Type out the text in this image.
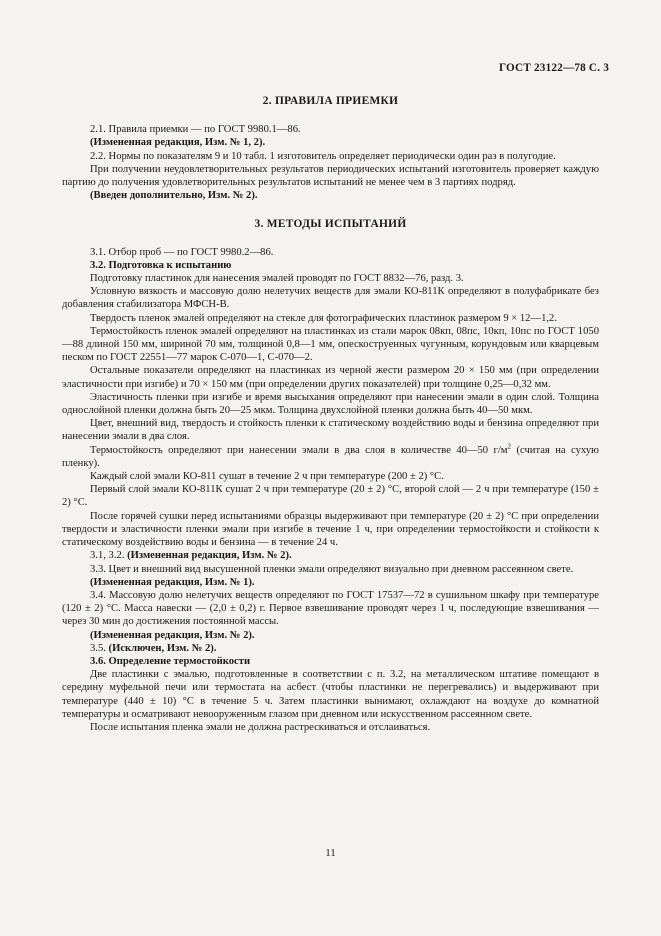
ГОСТ 23122—78 С. 3

2. ПРАВИЛА ПРИЕМКИ

2.1. Правила приемки — по ГОСТ 9980.1—86.

(Измененная редакция, Изм. № 1, 2).

2.2. Нормы по показателям 9 и 10 табл. 1 изготовитель определяет периодически один раз в полугодие.

При получении неудовлетворительных результатов периодических испытаний изготовитель проверяет каждую партию до получения удовлетворительных результатов испытаний не менее чем в 3 партиях подряд.

(Введен дополнительно, Изм. № 2).

3. МЕТОДЫ ИСПЫТАНИЙ

3.1. Отбор проб — по ГОСТ 9980.2—86.

3.2. Подготовка к испытанию

Подготовку пластинок для нанесения эмалей проводят по ГОСТ 8832—76, разд. 3.

Условную вязкость и массовую долю нелетучих веществ для эмали КО-811К определяют в полуфабрикате без добавления стабилизатора МФСН-В.

Твердость пленок эмалей определяют на стекле для фотографических пластинок размером 9 × 12—1,2.

Термостойкость пленок эмалей определяют на пластинках из стали марок 08кп, 08пс, 10кп, 10пс по ГОСТ 1050—88 длиной 150 мм, шириной 70 мм, толщиной 0,8—1 мм, опескоструенных чугунным, корундовым или кварцевым песком по ГОСТ 22551—77 марок С-070—1, С-070—2.

Остальные показатели определяют на пластинках из черной жести размером 20 × 150 мм (при определении эластичности при изгибе) и 70 × 150 мм (при определении других показателей) при толщине 0,25—0,32 мм.

Эластичность пленки при изгибе и время высыхания определяют при нанесении эмали в один слой. Толщина однослойной пленки должна быть 20—25 мкм. Толщина двухслойной пленки должна быть 40—50 мкм.

Цвет, внешний вид, твердость и стойкость пленки к статическому воздействию воды и бензина определяют при нанесении эмали в два слоя.

Термостойкость определяют при нанесении эмали в два слоя в количестве 40—50 $г/м^2$ (считая на сухую пленку).

Каждый слой эмали КО-811 сушат в течение 2 ч при температуре (200 ± 2) °С.

Первый слой эмали КО-811К сушат 2 ч при температуре (20 ± 2) °С, второй слой — 2 ч при температуре (150 ± 2) °С.

После горячей сушки перед испытаниями образцы выдерживают при температуре (20 ± 2) °С при определении твердости и эластичности пленки эмали при изгибе в течение 1 ч, при определении термостойкости и стойкости к статическому воздействию воды и бензина — в течение 24 ч.

3.1, 3.2. (Измененная редакция, Изм. № 2).

3.3. Цвет и внешний вид высушенной пленки эмали определяют визуально при дневном рассеянном свете.

(Измененная редакция, Изм. № 1).

3.4. Массовую долю нелетучих веществ определяют по ГОСТ 17537—72 в сушильном шкафу при температуре (120 ± 2) °С. Масса навески — (2,0 ± 0,2) г. Первое взвешивание проводят через 1 ч, последующие взвешивания — через 30 мин до достижения постоянной массы.

(Измененная редакция, Изм. № 2).

3.5. (Исключен, Изм. № 2).

3.6. Определение термостойкости

Две пластинки с эмалью, подготовленные в соответствии с п. 3.2, на металлическом штативе помещают в середину муфельной печи или термостата на асбест (чтобы пластинки не перегревались) и выдерживают при температуре (440 ± 10) °С в течение 5 ч. Затем пластинки вынимают, охлаждают на воздухе до комнатной температуры и осматривают невооруженным глазом при дневном или искусственном рассеянном свете.

После испытания пленка эмали не должна растрескиваться и отслаиваться.

11
